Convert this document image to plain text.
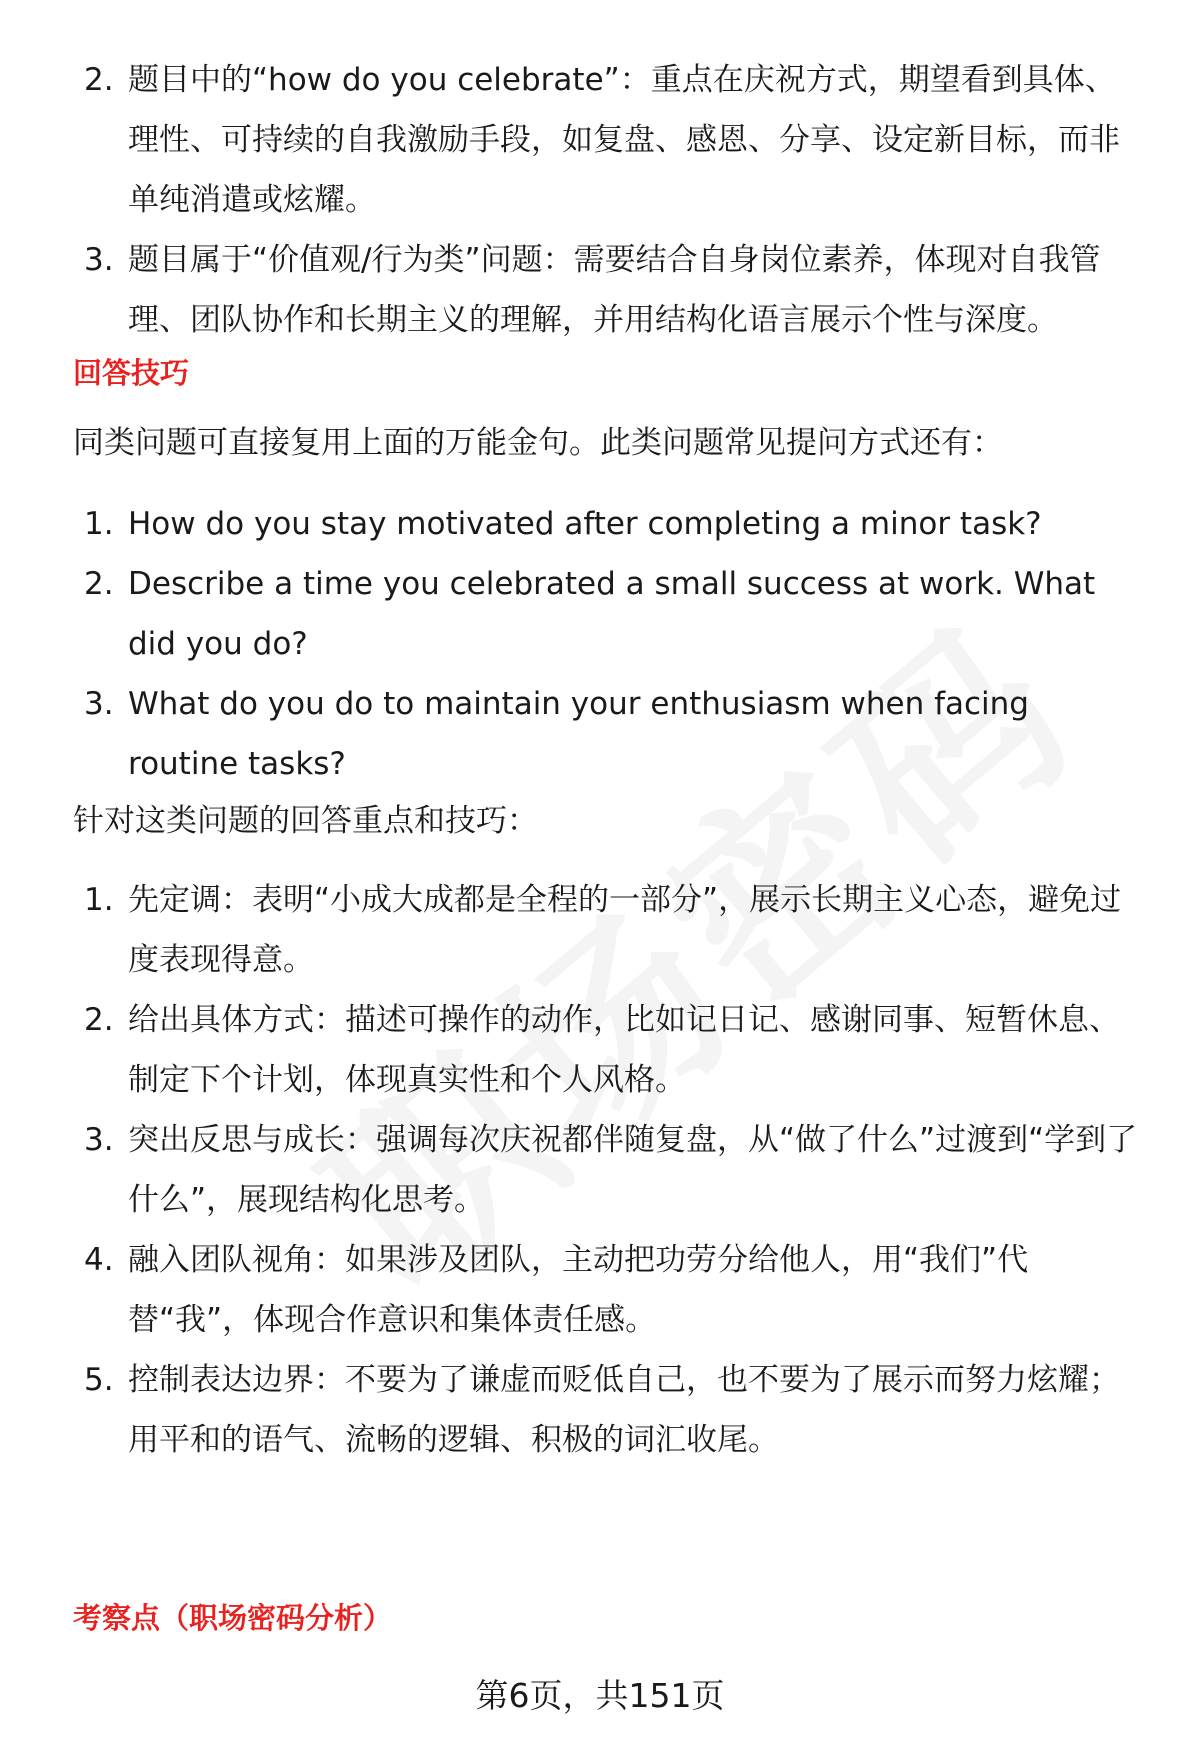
2. 题目中的“how do you celebrate”：重点在庆祝方式，期望看到具体、理性、可持续的自我激励手段，如复盘、感恩、分享、设定新目标，而非单纯消遣或炫耀。
3. 题目属于“价值观/行为类”问题：需要结合自身岗位素养，体现对自我管理、团队协作和长期主义的理解，并用结构化语言展示个性与深度。
回答技巧
同类问题可直接复用上面的万能金句。此类问题常见提问方式还有：
1. How do you stay motivated after completing a minor task?
2. Describe a time you celebrated a small success at work. What did you do?
3. What do you do to maintain your enthusiasm when facing routine tasks?
针对这类问题的回答重点和技巧：
1. 先定调：表明“小成大成都是全程的一部分”，展示长期主义心态，避免过度表现得意。
2. 给出具体方式：描述可操作的动作，比如记日记、感谢同事、短暂休息、制定下个计划，体现真实性和个人风格。
3. 突出反思与成长：强调每次庆祝都伴随复盘，从“做了什么”过渡到“学到了什么”，展现结构化思考。
4. 融入团队视角：如果涉及团队，主动把功劳分给他人，用“我们”代替“我”，体现合作意识和集体责任感。
5. 控制表达边界：不要为了谦虚而贬低自己，也不要为了展示而努力炫耀；用平和的语气、流畅的逻辑、积极的词汇收尾。
考察点（职场密码分析）
第6页，共151页
